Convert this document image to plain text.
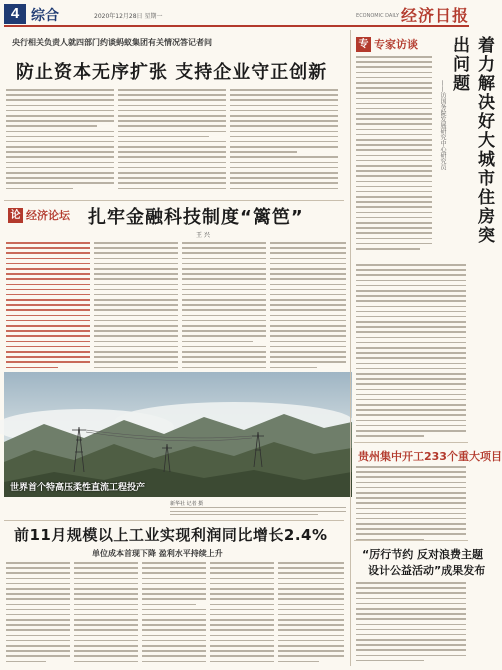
4 综合	2020年12月28日 星期一	ECONOMIC DAILY 经济日报
央行相关负责人就四部门约谈蚂蚁集团有关情况答记者问
防止资本无序扩张 支持企业守正创新
论 经济论坛 扎牢金融科技制度“篱笆”
王 兴
世界首个特高压柔性直流工程投产
新华社 记者 摄
前11月规模以上工业实现利润同比增长2.4%
单位成本首现下降 盈利水平持续上升
专 专家访谈	着力解决好大城市住房突出问题
——访国务院发展研究中心研究员
贵州集中开工233个重大项目
“厉行节约 反对浪费主题
设计公益活动”成果发布
